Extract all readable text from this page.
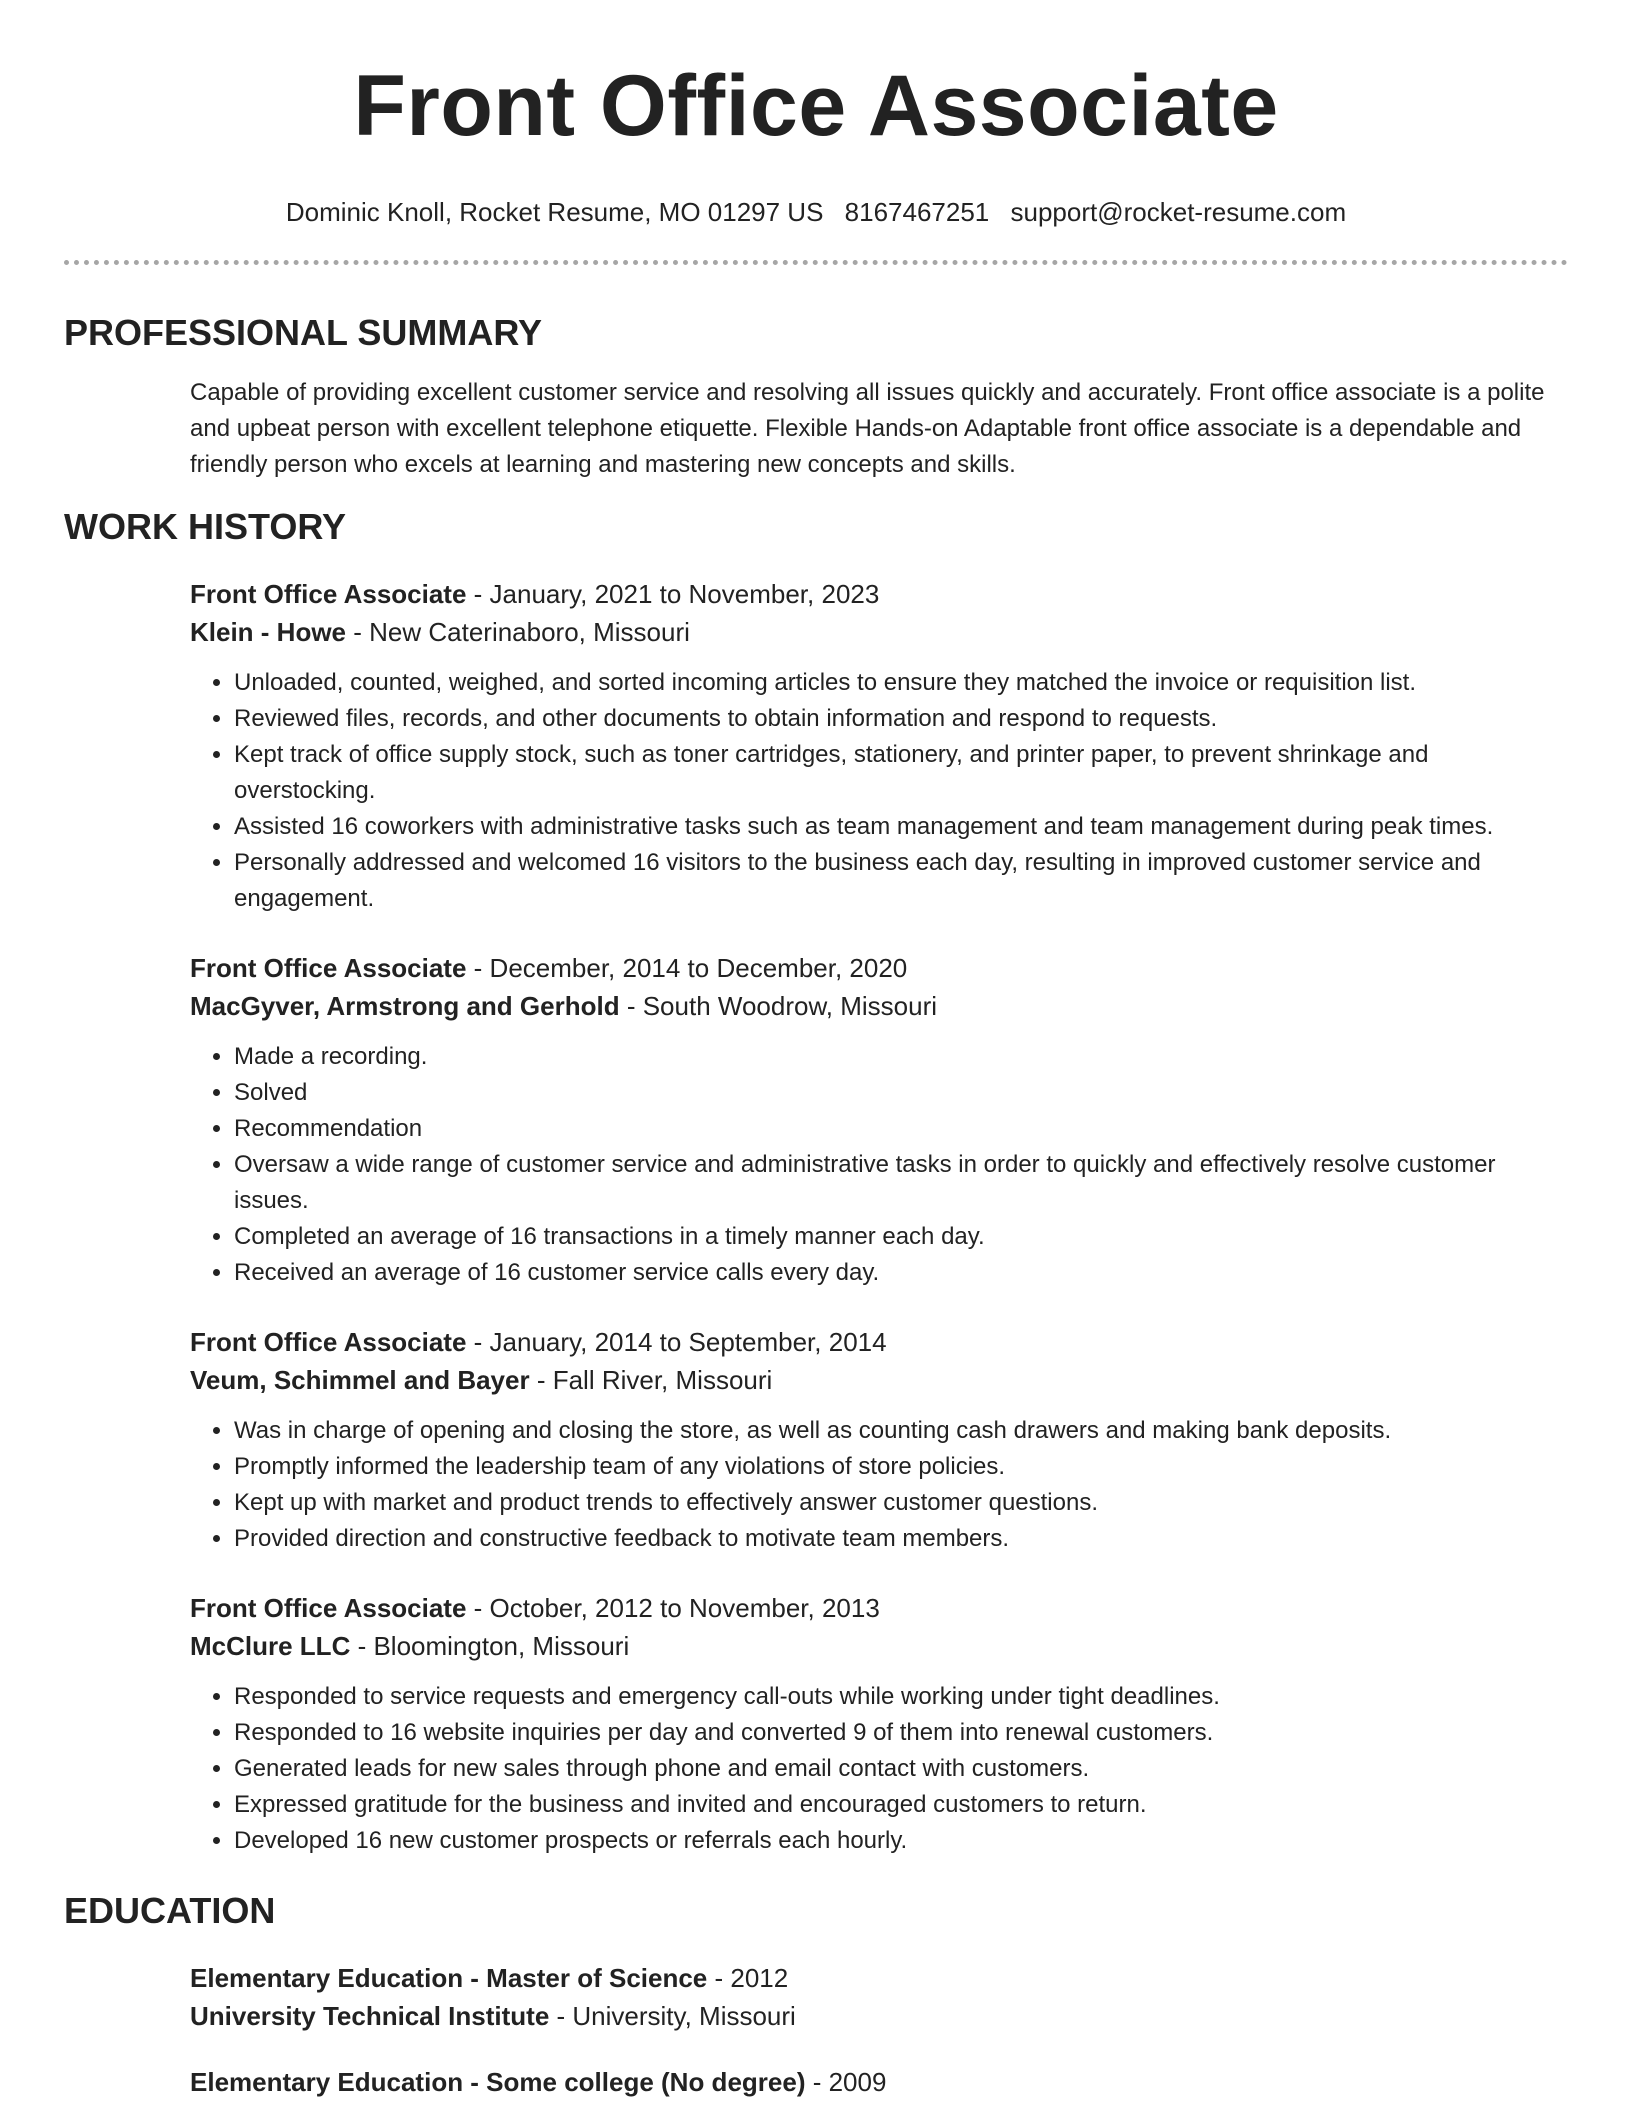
Front Office Associate
Dominic Knoll, Rocket Resume, MO 01297 US 8167467251 support@rocket-resume.com
PROFESSIONAL SUMMARY
Capable of providing excellent customer service and resolving all issues quickly and accurately. Front office associate is a polite and upbeat person with excellent telephone etiquette. Flexible Hands-on Adaptable front office associate is a dependable and friendly person who excels at learning and mastering new concepts and skills.
WORK HISTORY
Front Office Associate - January, 2021 to November, 2023
Klein - Howe - New Caterinaboro, Missouri
• Unloaded, counted, weighed, and sorted incoming articles to ensure they matched the invoice or requisition list.
• Reviewed files, records, and other documents to obtain information and respond to requests.
• Kept track of office supply stock, such as toner cartridges, stationery, and printer paper, to prevent shrinkage and overstocking.
• Assisted 16 coworkers with administrative tasks such as team management and team management during peak times.
• Personally addressed and welcomed 16 visitors to the business each day, resulting in improved customer service and engagement.
Front Office Associate - December, 2014 to December, 2020
MacGyver, Armstrong and Gerhold - South Woodrow, Missouri
• Made a recording.
• Solved
• Recommendation
• Oversaw a wide range of customer service and administrative tasks in order to quickly and effectively resolve customer issues.
• Completed an average of 16 transactions in a timely manner each day.
• Received an average of 16 customer service calls every day.
Front Office Associate - January, 2014 to September, 2014
Veum, Schimmel and Bayer - Fall River, Missouri
• Was in charge of opening and closing the store, as well as counting cash drawers and making bank deposits.
• Promptly informed the leadership team of any violations of store policies.
• Kept up with market and product trends to effectively answer customer questions.
• Provided direction and constructive feedback to motivate team members.
Front Office Associate - October, 2012 to November, 2013
McClure LLC - Bloomington, Missouri
• Responded to service requests and emergency call-outs while working under tight deadlines.
• Responded to 16 website inquiries per day and converted 9 of them into renewal customers.
• Generated leads for new sales through phone and email contact with customers.
• Expressed gratitude for the business and invited and encouraged customers to return.
• Developed 16 new customer prospects or referrals each hourly.
EDUCATION
Elementary Education - Master of Science - 2012
University Technical Institute - University, Missouri
Elementary Education - Some college (No degree) - 2009
